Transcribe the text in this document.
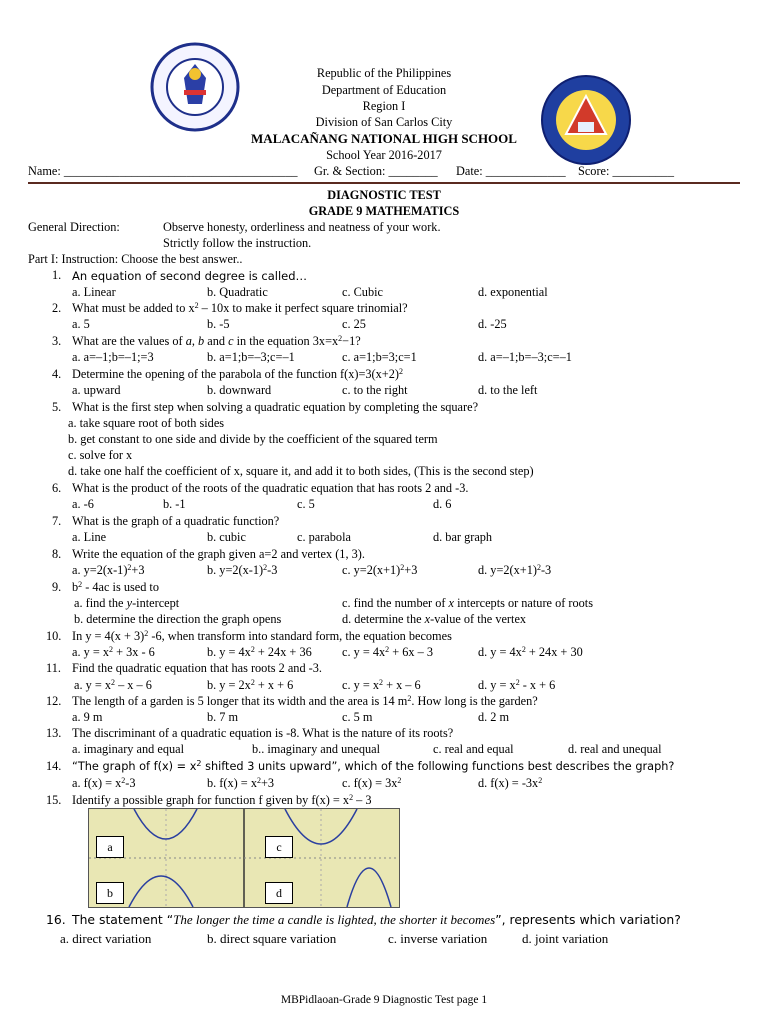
Republic of the Philippines
Department of Education
Region I
Division of San Carlos City
MALACAÑANG NATIONAL HIGH SCHOOL
School Year 2016-2017
Name: ______________________________________ Gr. & Section: ________ Date: _____________ Score: __________
DIAGNOSTIC TEST
GRADE 9 MATHEMATICS
General Direction:	Observe honesty, orderliness and neatness of your work.
Strictly follow the instruction.
Part I: Instruction: Choose the best answer..
1. An equation of second degree is called…
a. Linear	b. Quadratic	c. Cubic	d. exponential
2. What must be added to $x^2 - 10x$ to make it perfect square trinomial?
a. 5	b. -5	c. 25	d. -25
3. What are the values of a, b and c in the equation $3x=x^2-1$?
a. a=–1;b=–1;=3	b. a=1;b=–3;c=–1	c. a=1;b=3;c=1	d. a=–1;b=–3;c=–1
4. Determine the opening of the parabola of the function $f(x)=3(x+2)^2$
a. upward	b. downward	c. to the right	d. to the left
5. What is the first step when solving a quadratic equation by completing the square?
a. take square root of both sides
b. get constant to one side and divide by the coefficient of the squared term
c. solve for x
d. take one half the coefficient of x, square it, and add it to both sides, (This is the second step)
6. What is the product of the roots of the quadratic equation that has roots 2 and -3.
a. -6	b. -1	c. 5	d. 6
7. What is the graph of a quadratic function?
a. Line	b. cubic	c. parabola	d. bar graph
8. Write the equation of the graph given a=2 and vertex (1, 3).
a. $y=2(x-1)^2+3$	b. $y=2(x-1)^2-3$	c. $y=2(x+1)^2+3$	d. $y=2(x+1)^2-3$
9. $b^2 - 4ac$ is used to
a. find the y-intercept	c. find the number of x intercepts or nature of roots
b. determine the direction the graph opens	d. determine the x-value of the vertex
10. In $y = 4(x + 3)^2$ -6, when transform into standard form, the equation becomes
a. $y = x^2 + 3x - 6$	b. $y = 4x^2 + 24x + 36$ c. $y = 4x^2 + 6x - 3$	d. $y = 4x^2 + 24x + 30$
11. Find the quadratic equation that has roots 2 and -3.
a. $y = x^2 - x - 6$	b. $y = 2x^2 + x + 6$	c. $y = x^2 + x - 6$	d. $y = x^2 - x + 6$
12. The length of a garden is 5 longer that its width and the area is 14 $m^2$. How long is the garden?
a. 9 m	b. 7 m	c. 5 m	d. 2 m
13. The discriminant of a quadratic equation is -8. What is the nature of its roots?
a. imaginary and equal	b.. imaginary and unequal	c. real and equal	d. real and unequal
14. “The graph of $f(x) = x^2$ shifted 3 units upward”, which of the following functions best describes the graph?
a. $f(x) = x^2-3$	b. $f(x) = x^2+3$	c. $f(x) = 3x^2$	d. $f(x) = -3x^2$
15. Identify a possible graph for function f given by $f(x) = x^2 - 3$
a
b
c
d
16. The statement “The longer the time a candle is lighted, the shorter it becomes”, represents which variation?
a. direct variation	b. direct square variation	c. inverse variation	d. joint variation
MBPidlaoan-Grade 9 Diagnostic Test page 1
